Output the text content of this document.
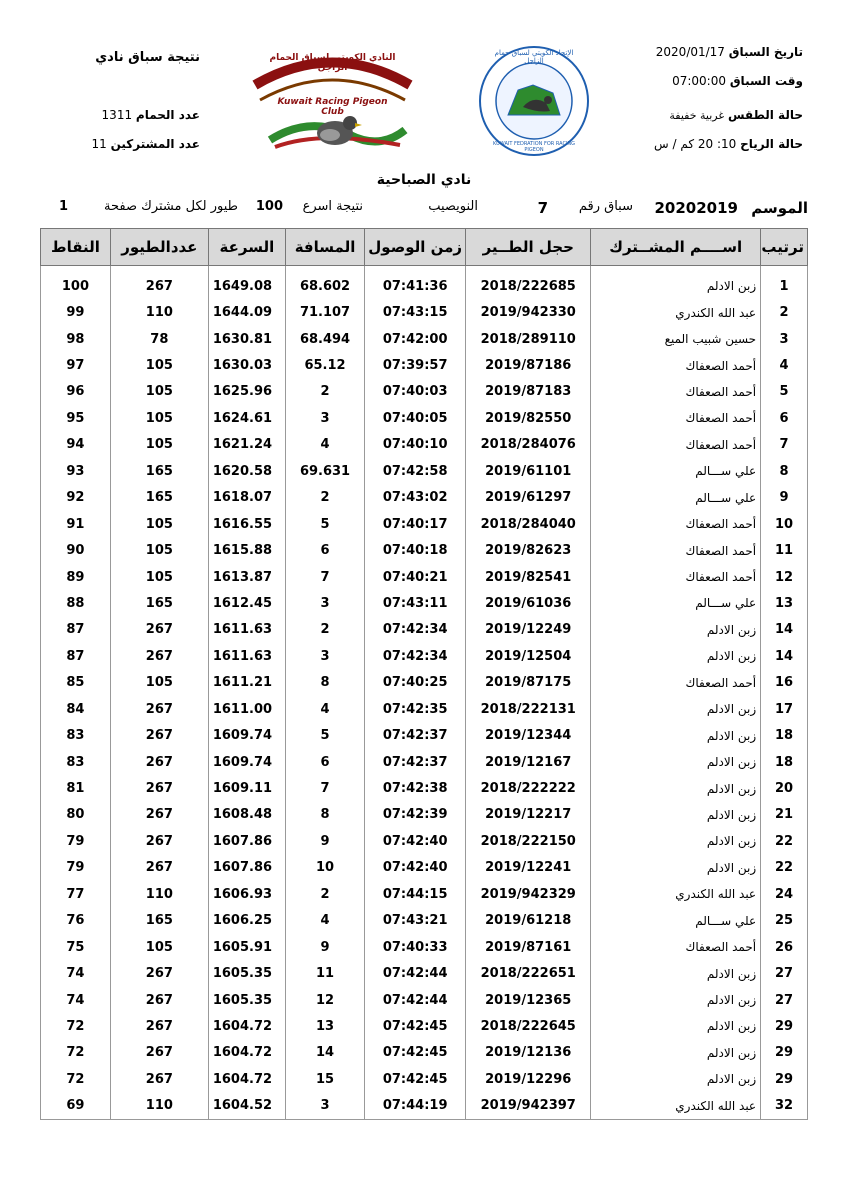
تاريخ السباق 2020/01/17
وقت السباق 07:00:00
حالة الطقس غربية خفيفة
حالة الرياح 10: 20 كم / س
نتيجة سباق نادي
عدد الحمام 1311
عدد المشتركين 11
النادي الكويتي لسباق الحمام الزاجل
Kuwait Racing Pigeon Club
الإتحاد الكويتي لسباق حمام الزاجل
KUWAIT FEDRATION FOR RACING PIGEON
نادي الصباحية
الموسم
20202019
سباق رقم
7
النويصيب
نتيجة اسرع
100
طيور لكل مشترك صفحة
1
ترتيب	اســــم المشــترك	حجل الطــير	زمن الوصول	المسافة	السرعة	عددالطيور	النقاط

1	زبن الادلم	2018/222685	07:41:36	68.602	1649.08	267	100
2	عبد الله الكندري	2019/942330	07:43:15	71.107	1644.09	110	99
3	حسين شبيب الميع	2018/289110	07:42:00	68.494	1630.81	78	98
4	أحمد الصعفاك	2019/87186	07:39:57	65.12	1630.03	105	97
5	أحمد الصعفاك	2019/87183	07:40:03	2	1625.96	105	96
6	أحمد الصعفاك	2019/82550	07:40:05	3	1624.61	105	95
7	أحمد الصعفاك	2018/284076	07:40:10	4	1621.24	105	94
8	علي ســـالم	2019/61101	07:42:58	69.631	1620.58	165	93
9	علي ســـالم	2019/61297	07:43:02	2	1618.07	165	92
10	أحمد الصعفاك	2018/284040	07:40:17	5	1616.55	105	91
11	أحمد الصعفاك	2019/82623	07:40:18	6	1615.88	105	90
12	أحمد الصعفاك	2019/82541	07:40:21	7	1613.87	105	89
13	علي ســـالم	2019/61036	07:43:11	3	1612.45	165	88
14	زبن الادلم	2019/12249	07:42:34	2	1611.63	267	87
14	زبن الادلم	2019/12504	07:42:34	3	1611.63	267	87
16	أحمد الصعفاك	2019/87175	07:40:25	8	1611.21	105	85
17	زبن الادلم	2018/222131	07:42:35	4	1611.00	267	84
18	زبن الادلم	2019/12344	07:42:37	5	1609.74	267	83
18	زبن الادلم	2019/12167	07:42:37	6	1609.74	267	83
20	زبن الادلم	2018/222222	07:42:38	7	1609.11	267	81
21	زبن الادلم	2019/12217	07:42:39	8	1608.48	267	80
22	زبن الادلم	2018/222150	07:42:40	9	1607.86	267	79
22	زبن الادلم	2019/12241	07:42:40	10	1607.86	267	79
24	عبد الله الكندري	2019/942329	07:44:15	2	1606.93	110	77
25	علي ســـالم	2019/61218	07:43:21	4	1606.25	165	76
26	أحمد الصعفاك	2019/87161	07:40:33	9	1605.91	105	75
27	زبن الادلم	2018/222651	07:42:44	11	1605.35	267	74
27	زبن الادلم	2019/12365	07:42:44	12	1605.35	267	74
29	زبن الادلم	2018/222645	07:42:45	13	1604.72	267	72
29	زبن الادلم	2019/12136	07:42:45	14	1604.72	267	72
29	زبن الادلم	2019/12296	07:42:45	15	1604.72	267	72
32	عبد الله الكندري	2019/942397	07:44:19	3	1604.52	110	69
